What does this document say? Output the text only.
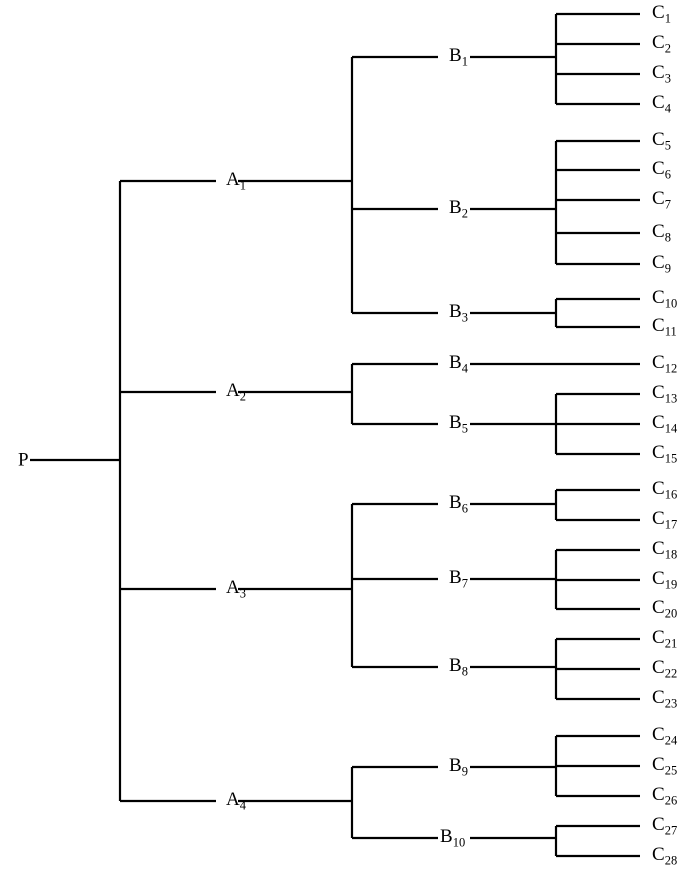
P
$A_1$
$A_2$
$A_3$
$A_4$
$B_1$
$B_2$
$B_3$
$B_4$
$B_5$
$B_6$
$B_7$
$B_8$
$B_9$
$B_{10}$
$C_1$
$C_2$
$C_3$
$C_4$
$C_5$
$C_6$
$C_7$
$C_8$
$C_9$
$C_{10}$
$C_{11}$
$C_{12}$
$C_{13}$
$C_{14}$
$C_{15}$
$C_{16}$
$C_{17}$
$C_{18}$
$C_{19}$
$C_{20}$
$C_{21}$
$C_{22}$
$C_{23}$
$C_{24}$
$C_{25}$
$C_{26}$
$C_{27}$
$C_{28}$
